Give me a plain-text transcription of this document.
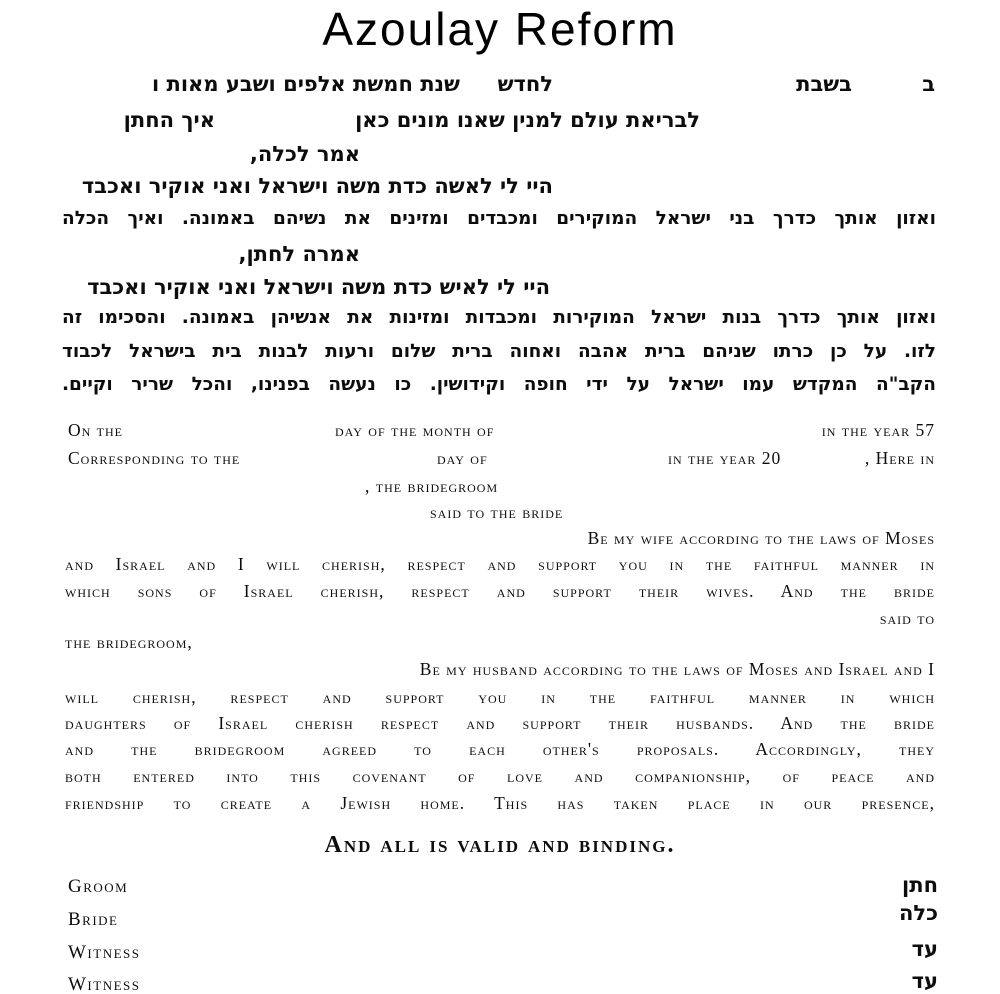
Azoulay Reform
ב
בשבת
לחדש
שנת חמשת אלפים ושבע מאות ו
לבריאת עולם למנין שאנו מונים כאן
איך החתן
אמר לכלה,
היי לי לאשה כדת משה וישראל ואני אוקיר ואכבד
ואזון אותך כדרך בני ישראל המוקירים ומכבדים ומזינים את נשיהם באמונה. ואיך הכלה
אמרה לחתן,
היי לי לאיש כדת משה וישראל ואני אוקיר ואכבד
ואזון אותך כדרך בנות ישראל המוקירות ומכבדות ומזינות את אנשיהן באמונה. והסכימו זה
לזו. על כן כרתו שניהם ברית אהבה ואחוה ברית שלום ורעות לבנות בית בישראל לכבוד
הקב"ה המקדש עמו ישראל על ידי חופה וקידושין. כו נעשה בפנינו, והכל שריר וקיים.
On the	day of the month of	in the year 57
Corresponding to the	day of	in the year 20	, Here in
, the bridegroom
said to the bride
Be my wife according to the laws of Moses
and Israel and I will cherish, respect and support you in the faithful manner in
which sons of Israel cherish, respect and support their wives. And the bride
said to
the bridegroom,
Be my husband according to the laws of Moses and Israel and I
will cherish, respect and support you in the faithful manner in which
daughters of Israel cherish respect and support their husbands. And the bride
and the bridegroom agreed to each other's proposals. Accordingly, they
both entered into this covenant of love and companionship, of peace and
friendship to create a Jewish home. This has taken place in our presence,
And all is valid and binding.
Groom	חתן
Bride	כלה
Witness	עד
Witness	עד
